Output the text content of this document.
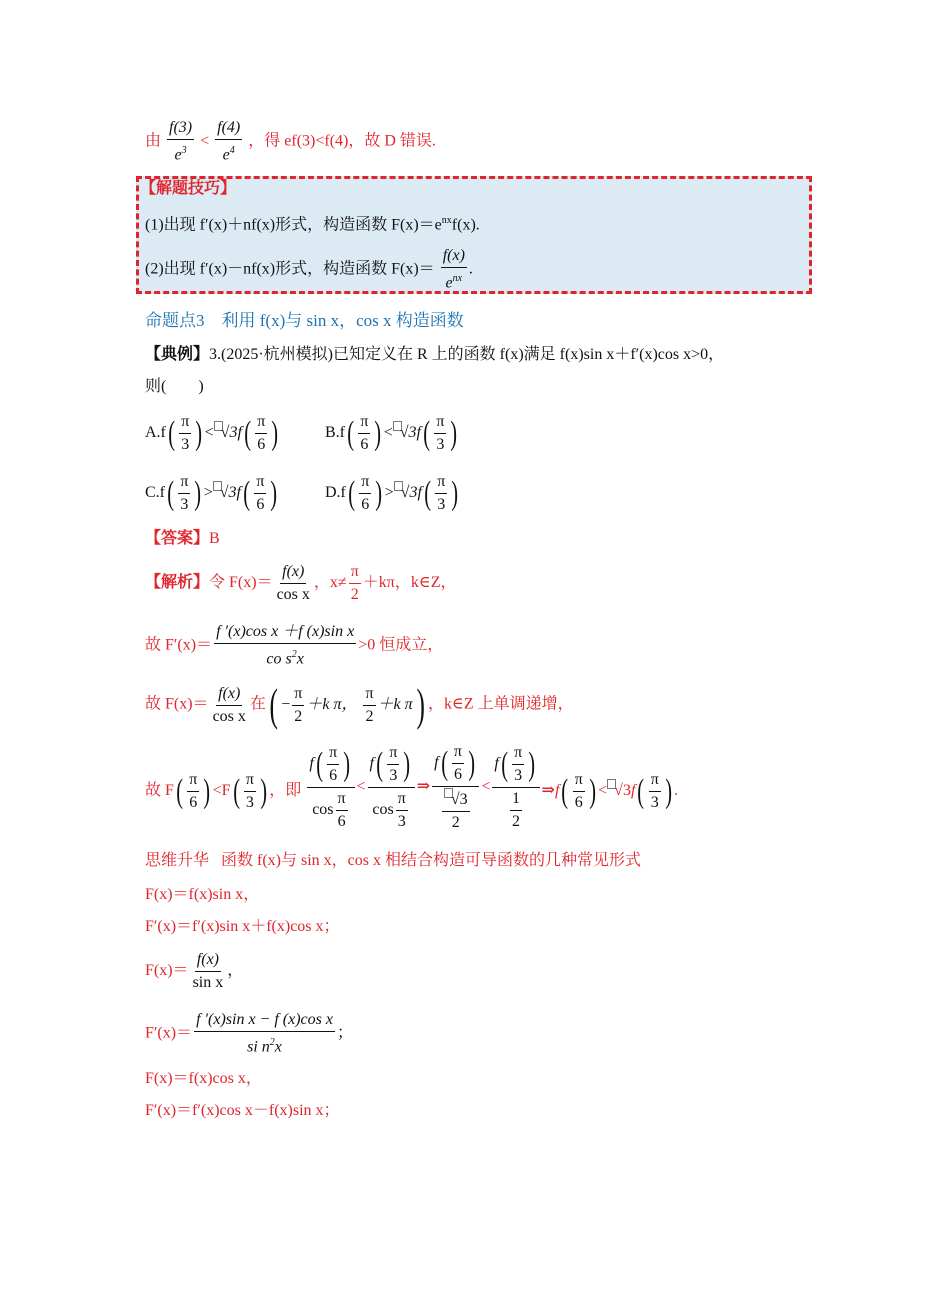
由 $\frac{f(3)}{e^3} < \frac{f(4)}{e^4}$ ，得 ef(3)<f(4)，故 D 错误.
【解题技巧】
(1)出现 f′(x)＋nf(x)形式，构造函数 $F(x)=e^{nx}f(x)$.
(2)出现 f′(x)－nf(x)形式，构造函数 $F(x)= \frac{f(x)}{e^{nx}}$ .
命题点3　利用 f(x)与 sin x，cos x 构造函数
【典例】3.(2025·杭州模拟)已知定义在 R 上的函数 f(x)满足 f(x)sin x＋f′(x)cos x>0，
则(　　)
$A.f( \frac{\pi}{3}$ ) < $√3f( \frac{\pi}{6}$ )	$B.f( \frac{\pi}{6}$ ) < $√3f( \frac{\pi}{3}$ )
$C.f( \frac{\pi}{3}$ ) > $√3f( \frac{\pi}{6}$ )	$D.f( \frac{\pi}{6}$ ) > $√3f( \frac{\pi}{3}$ )
【答案】B
【解析】令 $F(x)= \frac{f(x)}{\text{cos x}}$ ，$x\ne \frac{\pi}{2} +k\pi$，k∈Z，
故 $F'(x)= \frac{\text{f ′(x)cos x ＋f (x)sin x}}{co s^2x} >0$ 恒成立，
故 $F(x)= \frac{f(x)}{\text{cos x}}$ 在( − $\frac{\pi}{2} +k$ π， $\frac{\pi}{2} +k$ π) ，k∈Z 上单调递增，
故 $F( \frac{\pi}{6}$ ) $<F( \frac{\pi}{3}$ ) ，即 $\frac{f( \frac{\pi}{6} )}{\cos \frac{\pi}{6}} < \frac{f( \frac{\pi}{3} )}{\cos \frac{\pi}{3}}$ ⇒ $\frac{f( \frac{\pi}{6} )}{\frac{√3}{2}} < \frac{f( \frac{\pi}{3} )}{\frac{1}{2}}$ ⇒f( $\frac{\pi}{6}$ ) < $√3f( \frac{\pi}{3}$ ) .
思维升华 函数 f(x)与 sin x，cos x 相结合构造可导函数的几种常见形式
F(x)＝f(x)sin x，
F′(x)＝f′(x)sin x＋f(x)cos x；
$F(x)= \frac{f(x)}{\text{sin x}}$ ，
$F'(x)= \frac{\text{f ′(x)sin x − f (x)cos x}}{si n^2x}$ ；
F(x)＝f(x)cos x，
F′(x)＝f′(x)cos x－f(x)sin x；
